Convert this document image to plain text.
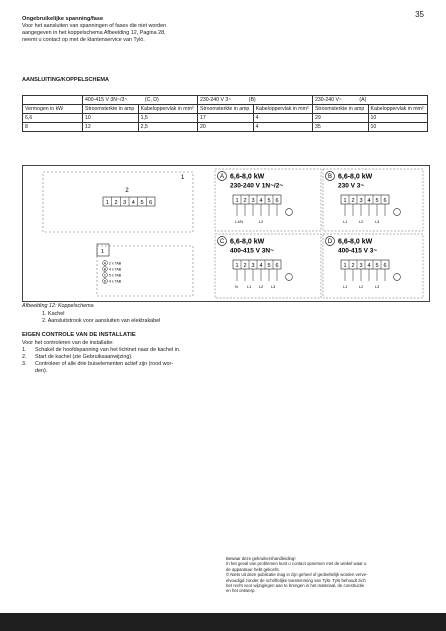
35
Ongebruikelijke spanning/fase
Voor het aansluiten van spanningen of fases die niet worden
aangegeven in het koppelschema Afbeelding 12, Pagina 28,
neemt u contact op met de klantenservice van Tylö.
AANSLUITING/KOPPELSCHEMA
	400-415 V 3N~/3~ (C, D)		230-240 V 3~ (B)		230-240 V~ (A)	
Vermogen in kW	Stroomsterkte in amp	Kabeloppervlak in mm²	Stroomsterkte in amp	Kabeloppervlak in mm²	Stroomsterkte in amp	Kabeloppervlak in mm²
6,6	10	1,5	17	4	29	10
8	12	2,5	20	4	35	10
1 2 3 4 5 6
2
1
1
A 2 x TAB
B 4 x TAB
C 5 x TAB
D 4 x TAB
A 6,6-8,0 kW
230-240 V 1N~/2~
1 2 3 4 5 6
L1/N	L2
B 6,6-8,0 kW
230 V 3~
1 2 3 4 5 6
L1	L2	L3
C 6,6-8,0 kW
400-415 V 3N~
1 2 3 4 5 6
N L1 L2 L3
D 6,6-8,0 kW
400-415 V 3~
1 2 3 4 5 6
L1	L2	L3
Afbeelding 12: Koppelschema
1. Kachel
2. Aansluitstrook voor aansluiten van elektrakabel
EIGEN CONTROLE VAN DE INSTALLATIE
Voor het controleren van de installatie:
1. Schakel de hoofdspanning van het lichtnet naar de kachel in.
2. Start de kachel (zie Gebruiksaanwijzing).
3. Controleer of alle drie buiselementen actief zijn (rood wor-
den).
Bewaar deze gebruikershandleiding!
In het geval van problemen kunt u contact opnemen met de winkel waar u
de apparatuur hebt gekocht.
© Niets uit deze publicatie mag in zijn geheel of gedeeltelijk worden verve-
elvoudigd zonder de schriftelijke toestemming van Tylö. Tylö behoudt zich
het recht voor wijzigingen aan te brengen in het materiaal, de constructie
en het ontwerp.
